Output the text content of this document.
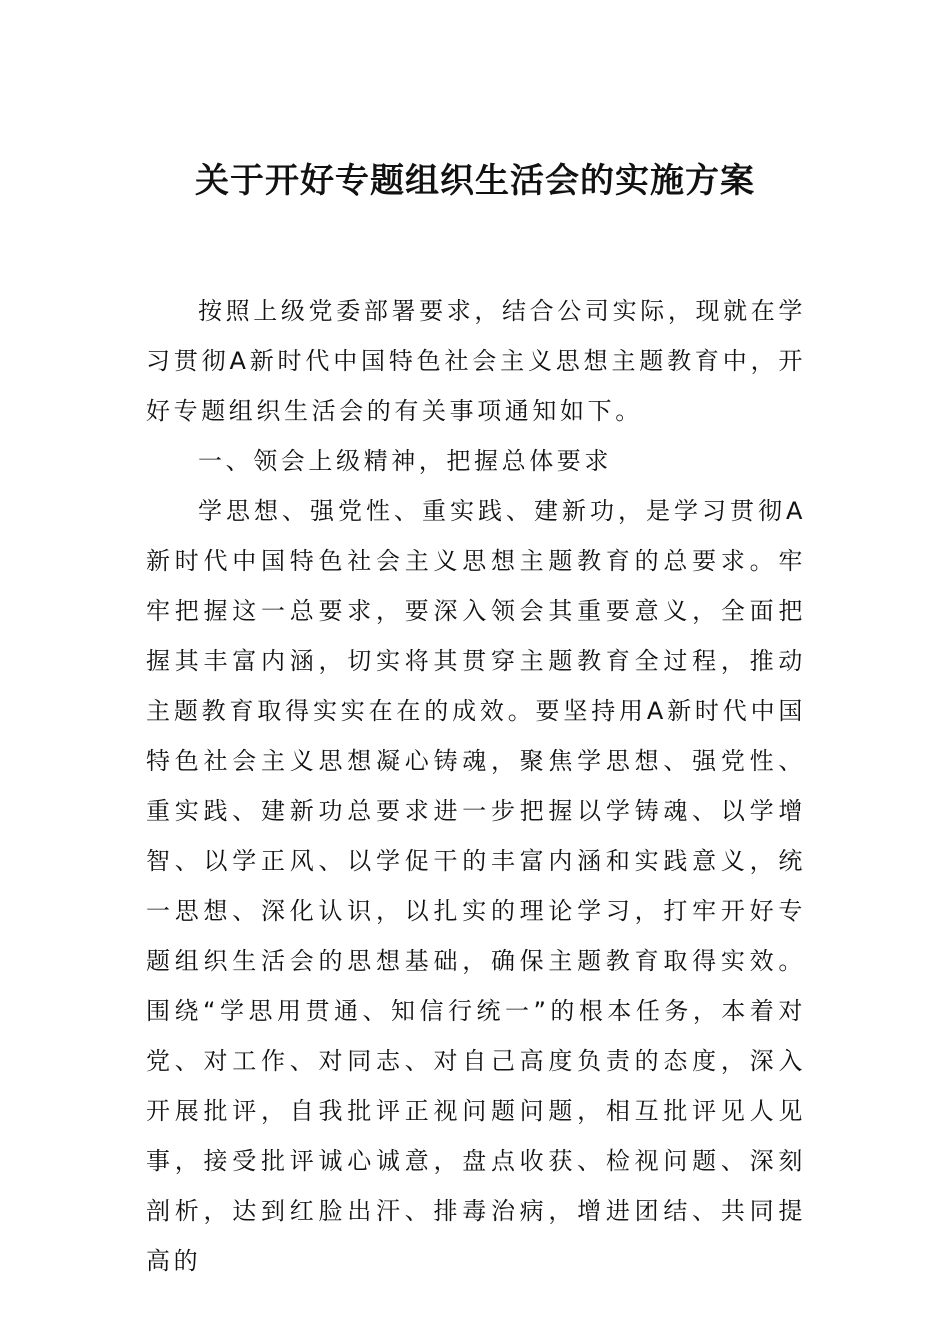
关于开好专题组织生活会的实施方案

按照上级党委部署要求，结合公司实际，现就在学习贯彻A新时代中国特色社会主义思想主题教育中，开好专题组织生活会的有关事项通知如下。

一、领会上级精神，把握总体要求

学思想、强党性、重实践、建新功，是学习贯彻A新时代中国特色社会主义思想主题教育的总要求。牢牢把握这一总要求，要深入领会其重要意义，全面把握其丰富内涵，切实将其贯穿主题教育全过程，推动主题教育取得实实在在的成效。要坚持用A新时代中国特色社会主义思想凝心铸魂，聚焦学思想、强党性、重实践、建新功总要求进一步把握以学铸魂、以学增智、以学正风、以学促干的丰富内涵和实践意义，统一思想、深化认识，以扎实的理论学习，打牢开好专题组织生活会的思想基础，确保主题教育取得实效。围绕“学思用贯通、知信行统一”的根本任务，本着对党、对工作、对同志、对自己高度负责的态度，深入开展批评，自我批评正视问题问题，相互批评见人见事，接受批评诚心诚意，盘点收获、检视问题、深刻剖析，达到红脸出汗、排毒治病，增进团结、共同提高的
